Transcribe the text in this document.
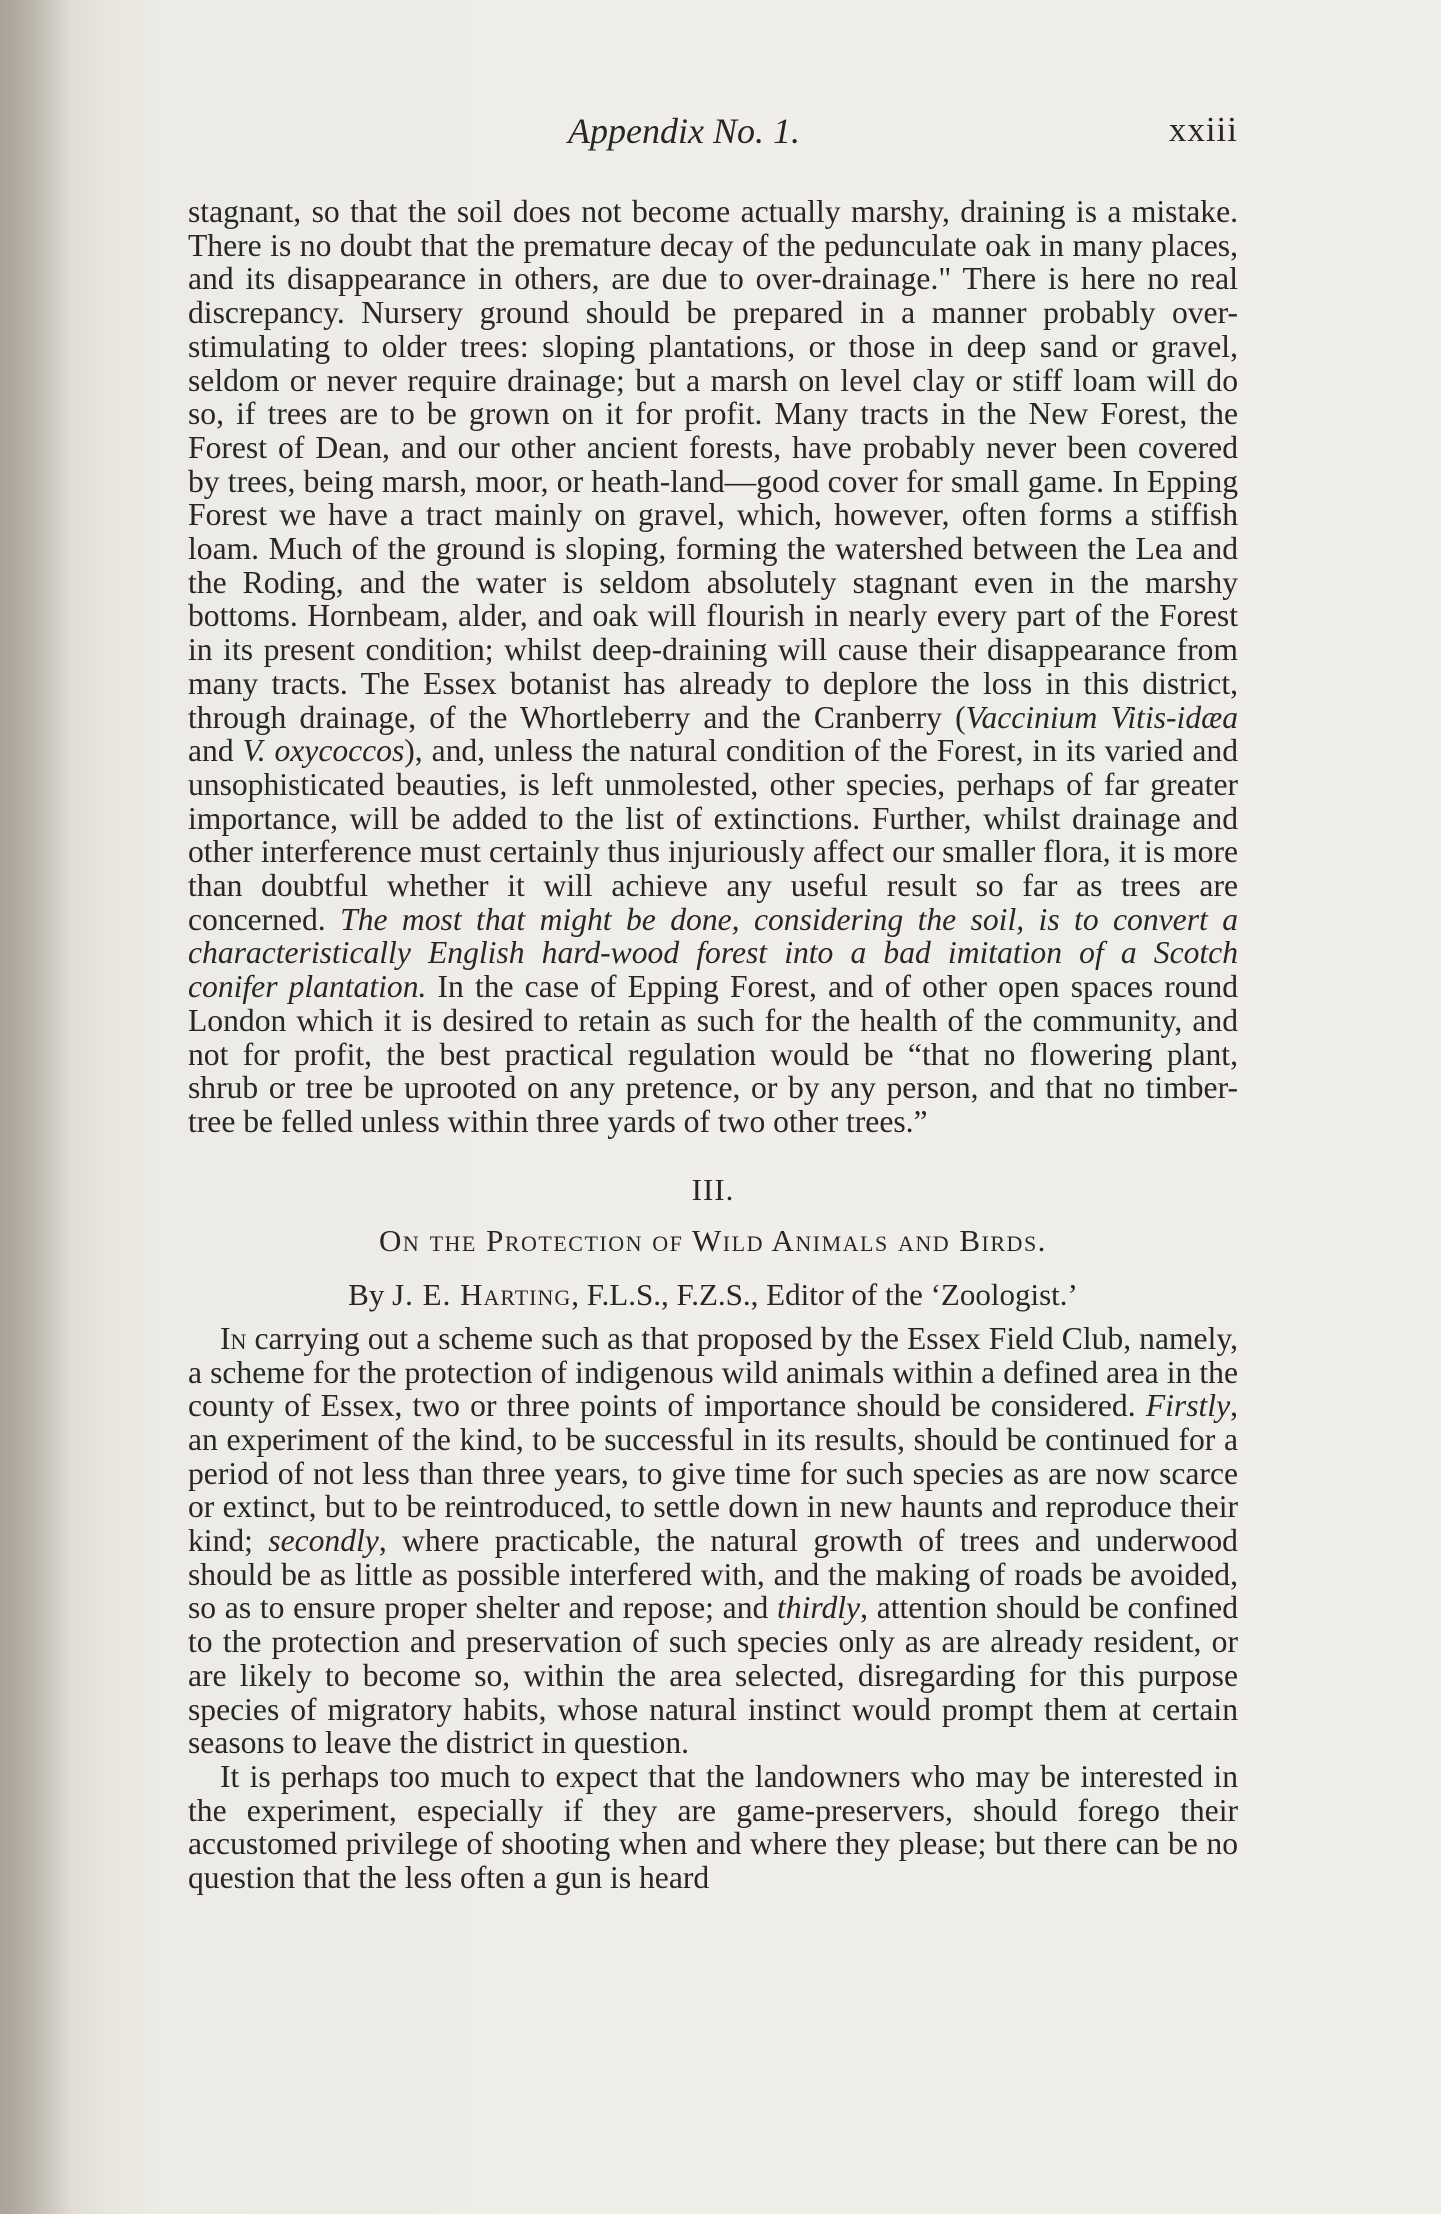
Appendix No. 1.	xxiii

stagnant, so that the soil does not become actually marshy, draining is a mistake. There is no doubt that the premature decay of the pedunculate oak in many places, and its disappearance in others, are due to over-drainage." There is here no real discrepancy. Nursery ground should be prepared in a manner probably over-stimulating to older trees: sloping plantations, or those in deep sand or gravel, seldom or never require drainage; but a marsh on level clay or stiff loam will do so, if trees are to be grown on it for profit. Many tracts in the New Forest, the Forest of Dean, and our other ancient forests, have probably never been covered by trees, being marsh, moor, or heath-land—good cover for small game. In Epping Forest we have a tract mainly on gravel, which, however, often forms a stiffish loam. Much of the ground is sloping, forming the watershed between the Lea and the Roding, and the water is seldom absolutely stagnant even in the marshy bottoms. Hornbeam, alder, and oak will flourish in nearly every part of the Forest in its present condition; whilst deep-draining will cause their disappearance from many tracts. The Essex botanist has already to deplore the loss in this district, through drainage, of the Whortleberry and the Cranberry (Vaccinium Vitis-idæa and V. oxycoccos), and, unless the natural condition of the Forest, in its varied and unsophisticated beauties, is left unmolested, other species, perhaps of far greater importance, will be added to the list of extinctions. Further, whilst drainage and other interference must certainly thus injuriously affect our smaller flora, it is more than doubtful whether it will achieve any useful result so far as trees are concerned. The most that might be done, considering the soil, is to convert a characteristically English hard-wood forest into a bad imitation of a Scotch conifer plantation. In the case of Epping Forest, and of other open spaces round London which it is desired to retain as such for the health of the community, and not for profit, the best practical regulation would be “that no flowering plant, shrub or tree be uprooted on any pretence, or by any person, and that no timber-tree be felled unless within three yards of two other trees.”

III.
On the Protection of Wild Animals and Birds.
By J. E. Harting, F.L.S., F.Z.S., Editor of the ‘Zoologist.’

In carrying out a scheme such as that proposed by the Essex Field Club, namely, a scheme for the protection of indigenous wild animals within a defined area in the county of Essex, two or three points of importance should be considered. Firstly, an experiment of the kind, to be successful in its results, should be continued for a period of not less than three years, to give time for such species as are now scarce or extinct, but to be reintroduced, to settle down in new haunts and reproduce their kind; secondly, where practicable, the natural growth of trees and underwood should be as little as possible interfered with, and the making of roads be avoided, so as to ensure proper shelter and repose; and thirdly, attention should be confined to the protection and preservation of such species only as are already resident, or are likely to become so, within the area selected, disregarding for this purpose species of migratory habits, whose natural instinct would prompt them at certain seasons to leave the district in question.

It is perhaps too much to expect that the landowners who may be interested in the experiment, especially if they are game-preservers, should forego their accustomed privilege of shooting when and where they please; but there can be no question that the less often a gun is heard
